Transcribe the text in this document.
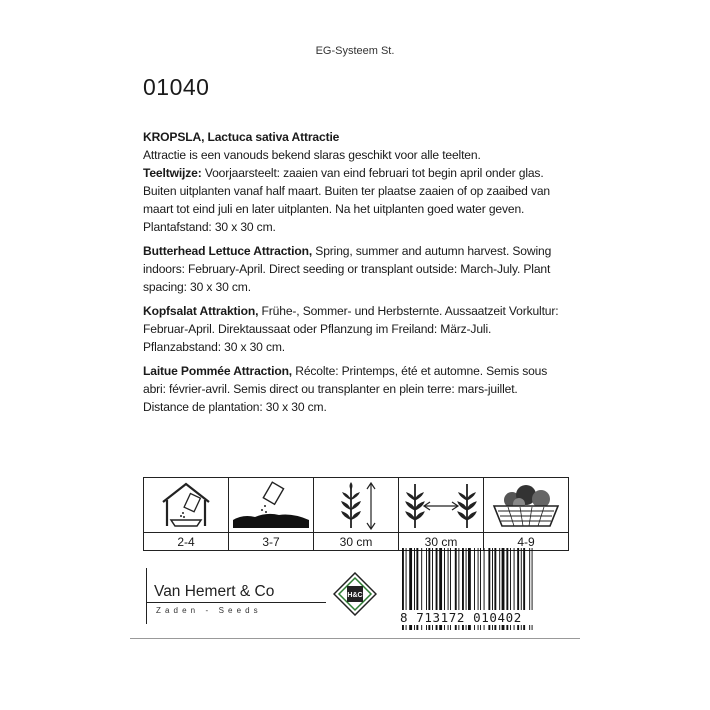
EG-Systeem St.
01040

KROPSLA, Lactuca sativa Attractie
Attractie is een vanouds bekend slaras geschikt voor alle teelten.
Teeltwijze: Voorjaarsteelt: zaaien van eind februari tot begin april onder glas. Buiten uitplanten vanaf half maart. Buiten ter plaatse zaaien of op zaaibed van maart tot eind juli en later uitplanten. Na het uitplanten goed water geven. Plantafstand: 30 x 30 cm.

Butterhead Lettuce Attraction, Spring, summer and autumn harvest. Sowing indoors: February-April. Direct seeding or transplant outside: March-July. Plant spacing: 30 x 30 cm.

Kopfsalat Attraktion, Frühe-, Sommer- und Herbsternte. Aussaatzeit Vorkultur: Februar-April. Direktaussaat oder Pflanzung im Freiland: März-Juli. Pflanzabstand: 30 x 30 cm.

Laitue Pommée Attraction, Récolte: Printemps, été et automne. Semis sous abri: février-avril. Semis direct ou transplanter en plein terre: mars-juillet. Distance de plantation: 30 x 30 cm.

2-4	3-7	30 cm	30 cm	4-9
Van Hemert & Co
Zaden - Seeds
H&C
8 713172 010402
